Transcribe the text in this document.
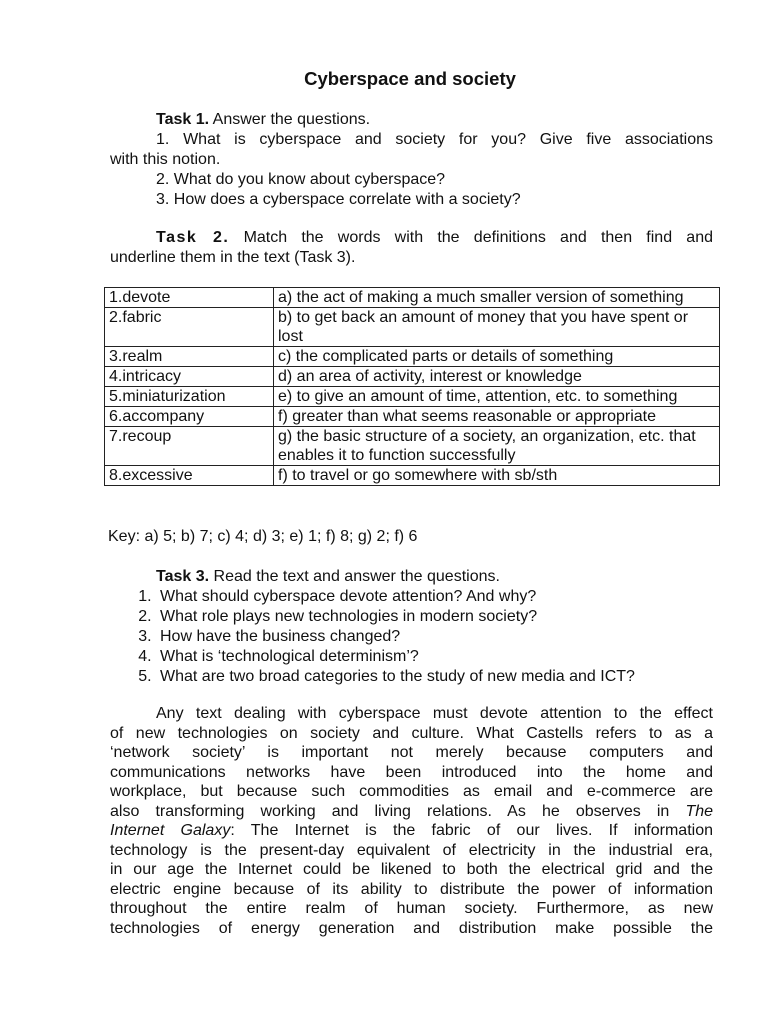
Cyberspace and society
Task 1. Answer the questions.
1. What is cyberspace and society for you? Give five associations
with this notion.
2. What do you know about cyberspace?
3. How does a cyberspace correlate with a society?
Task 2. Match the words with the definitions and then find and
underline them in the text (Task 3).
1.devote	a) the act of making a much smaller version of something
2.fabric	b) to get back an amount of money that you have spent or lost
3.realm	c) the complicated parts or details of something
4.intricacy	d) an area of activity, interest or knowledge
5.miniaturization	e) to give an amount of time, attention, etc. to something
6.accompany	f) greater than what seems reasonable or appropriate
7.recoup	g) the basic structure of a society, an organization, etc. that enables it to function successfully
8.excessive	f) to travel or go somewhere with sb/sth
Key: a) 5; b) 7; c) 4; d) 3; e) 1; f) 8; g) 2; f) 6
Task 3. Read the text and answer the questions.
1. What should cyberspace devote attention? And why?
2. What role plays new technologies in modern society?
3. How have the business changed?
4. What is ‘technological determinism’?
5. What are two broad categories to the study of new media and ICT?
Any text dealing with cyberspace must devote attention to the effect
of new technologies on society and culture. What Castells refers to as a
‘network society’ is important not merely because computers and
communications networks have been introduced into the home and
workplace, but because such commodities as email and e-commerce are
also transforming working and living relations. As he observes in The
Internet Galaxy: The Internet is the fabric of our lives. If information
technology is the present-day equivalent of electricity in the industrial era,
in our age the Internet could be likened to both the electrical grid and the
electric engine because of its ability to distribute the power of information
throughout the entire realm of human society. Furthermore, as new
technologies of energy generation and distribution make possible the
